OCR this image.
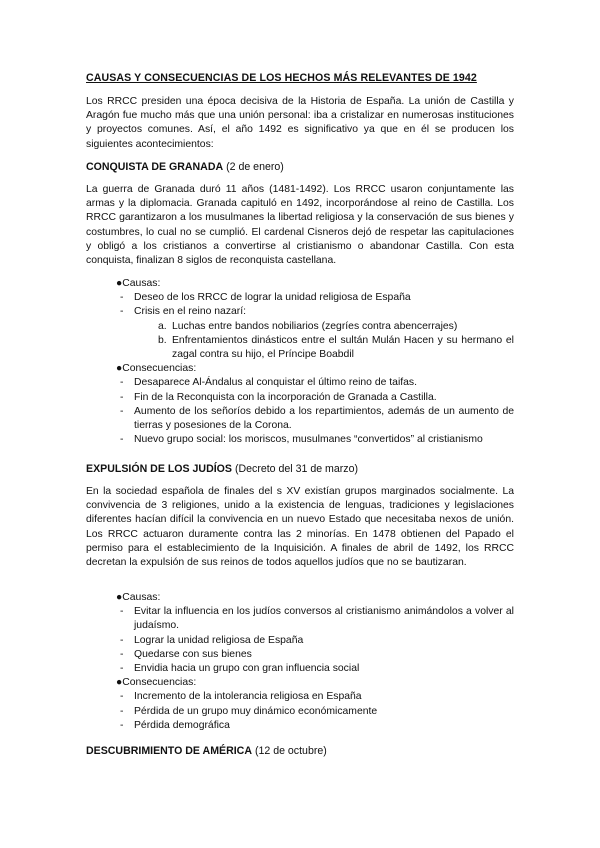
CAUSAS Y CONSECUENCIAS DE LOS HECHOS MÁS RELEVANTES DE 1942

Los RRCC presiden una época decisiva de la Historia de España. La unión de Castilla y Aragón fue mucho más que una unión personal: iba a cristalizar en numerosas instituciones y proyectos comunes. Así, el año 1492 es significativo ya que en él se producen los siguientes acontecimientos:

CONQUISTA DE GRANADA (2 de enero)

La guerra de Granada duró 11 años (1481-1492). Los RRCC usaron conjuntamente las armas y la diplomacia. Granada capituló en 1492, incorporándose al reino de Castilla. Los RRCC garantizaron a los musulmanes la libertad religiosa y la conservación de sus bienes y costumbres, lo cual no se cumplió. El cardenal Cisneros dejó de respetar las capitulaciones y obligó a los cristianos a convertirse al cristianismo o abandonar Castilla. Con esta conquista, finalizan 8 siglos de reconquista castellana.

●Causas:
- Deseo de los RRCC de lograr la unidad religiosa de España
- Crisis en el reino nazarí:
a. Luchas entre bandos nobiliarios (zegríes contra abencerrajes)
b. Enfrentamientos dinásticos entre el sultán Mulán Hacen y su hermano el zagal contra su hijo, el Príncipe Boabdil
●Consecuencias:
- Desaparece Al-Ándalus al conquistar el último reino de taifas.
- Fin de la Reconquista con la incorporación de Granada a Castilla.
- Aumento de los señoríos debido a los repartimientos, además de un aumento de tierras y posesiones de la Corona.
- Nuevo grupo social: los moriscos, musulmanes “convertidos” al cristianismo
EXPULSIÓN DE LOS JUDÍOS (Decreto del 31 de marzo)

En la sociedad española de finales del s XV existían grupos marginados socialmente. La convivencia de 3 religiones, unido a la existencia de lenguas, tradiciones y legislaciones diferentes hacían difícil la convivencia en un nuevo Estado que necesitaba nexos de unión. Los RRCC actuaron duramente contra las 2 minorías. En 1478 obtienen del Papado el permiso para el establecimiento de la Inquisición. A finales de abril de 1492, los RRCC decretan la expulsión de sus reinos de todos aquellos judíos que no se bautizaran.

●Causas:
- Evitar la influencia en los judíos conversos al cristianismo animándolos a volver al judaísmo.
- Lograr la unidad religiosa de España
- Quedarse con sus bienes
- Envidia hacia un grupo con gran influencia social
●Consecuencias:
- Incremento de la intolerancia religiosa en España
- Pérdida de un grupo muy dinámico económicamente
- Pérdida demográfica
DESCUBRIMIENTO DE AMÉRICA (12 de octubre)
